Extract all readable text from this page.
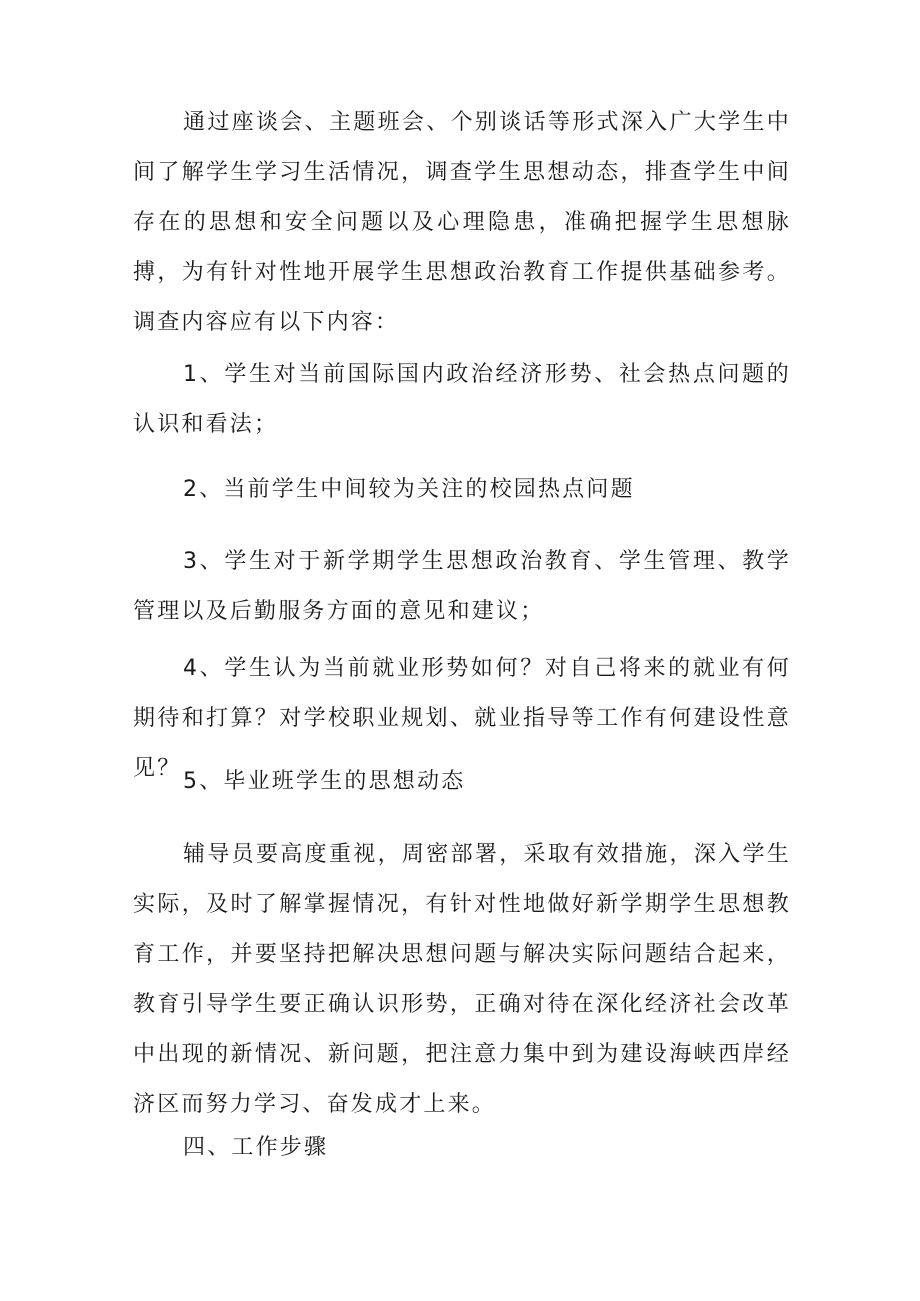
通过座谈会、主题班会、个别谈话等形式深入广大学生中间了解学生学习生活情况，调查学生思想动态，排查学生中间存在的思想和安全问题以及心理隐患，准确把握学生思想脉搏，为有针对性地开展学生思想政治教育工作提供基础参考。调查内容应有以下内容：

1、学生对当前国际国内政治经济形势、社会热点问题的认识和看法；

2、当前学生中间较为关注的校园热点问题

3、学生对于新学期学生思想政治教育、学生管理、教学管理以及后勤服务方面的意见和建议；

4、学生认为当前就业形势如何？对自己将来的就业有何期待和打算？对学校职业规划、就业指导等工作有何建设性意见？

5、毕业班学生的思想动态

辅导员要高度重视，周密部署，采取有效措施，深入学生实际，及时了解掌握情况，有针对性地做好新学期学生思想教育工作，并要坚持把解决思想问题与解决实际问题结合起来，教育引导学生要正确认识形势，正确对待在深化经济社会改革中出现的新情况、新问题，把注意力集中到为建设海峡西岸经济区而努力学习、奋发成才上来。

四、工作步骤
